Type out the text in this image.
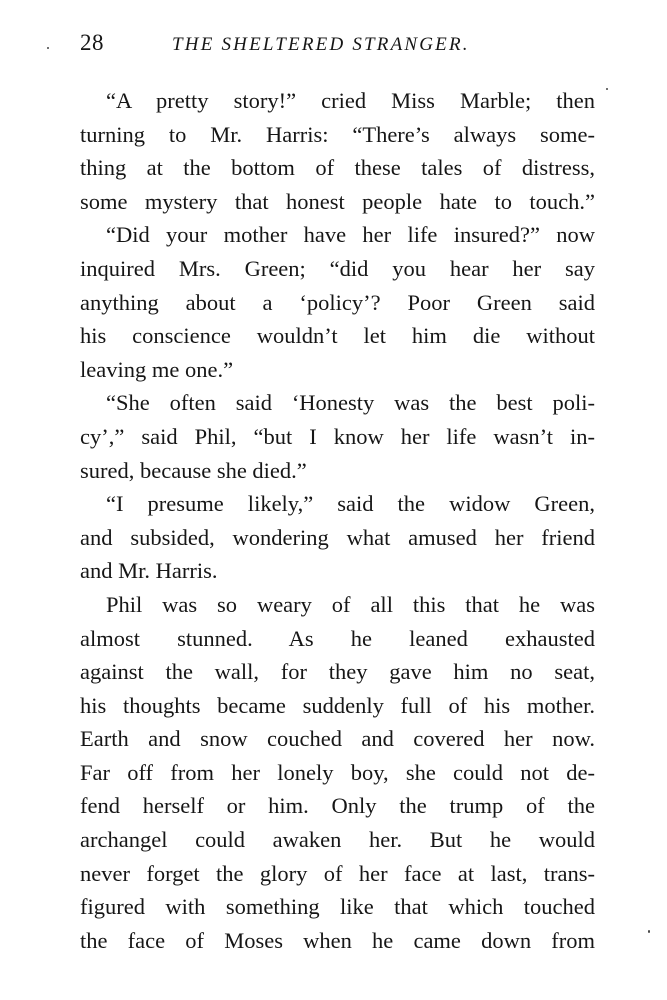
28	THE SHELTERED STRANGER.

“A pretty story!” cried Miss Marble; then
turning to Mr. Harris: “There’s always some-
thing at the bottom of these tales of distress,
some mystery that honest people hate to touch.”

“Did your mother have her life insured?” now
inquired Mrs. Green; “did you hear her say
anything about a ‘policy’? Poor Green said
his conscience wouldn’t let him die without
leaving me one.”

“She often said ‘Honesty was the best poli-
cy’,” said Phil, “but I know her life wasn’t in-
sured, because she died.”

“I presume likely,” said the widow Green,
and subsided, wondering what amused her friend
and Mr. Harris.

Phil was so weary of all this that he was
almost stunned. As he leaned exhausted
against the wall, for they gave him no seat,
his thoughts became suddenly full of his mother.
Earth and snow couched and covered her now.
Far off from her lonely boy, she could not de-
fend herself or him. Only the trump of the
archangel could awaken her. But he would
never forget the glory of her face at last, trans-
figured with something like that which touched
the face of Moses when he came down from
